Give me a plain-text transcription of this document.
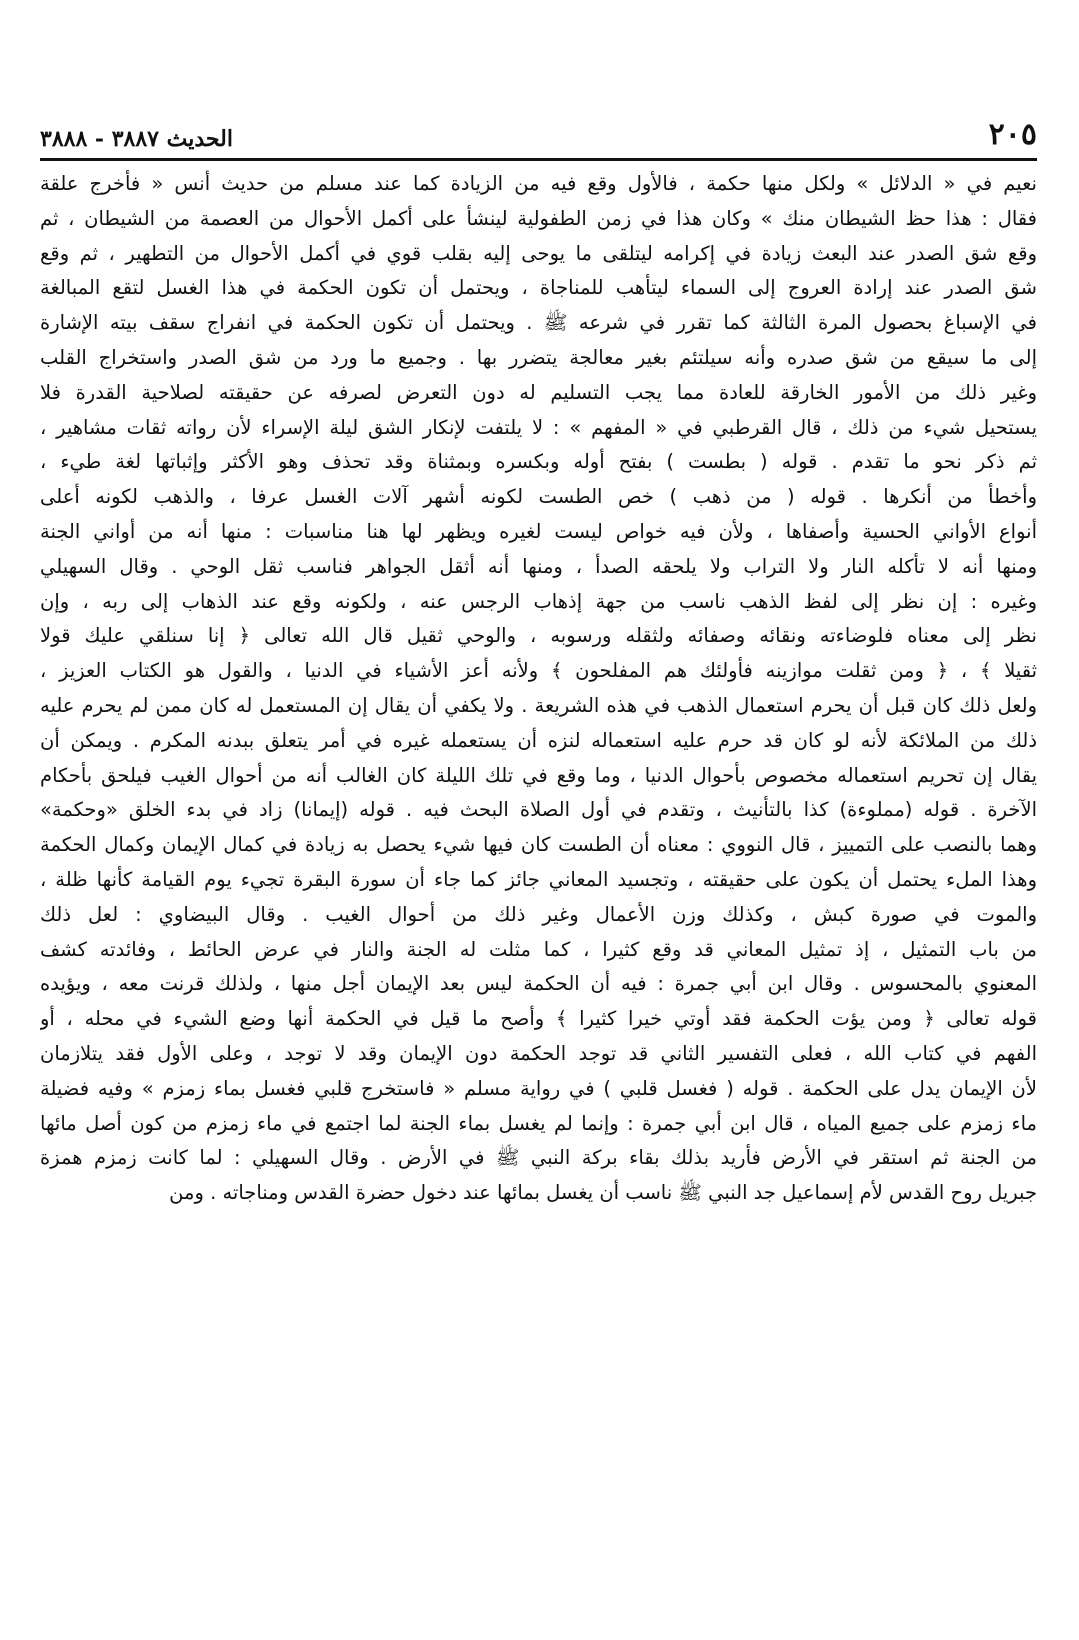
٢٠٥
الحديث ٣٨٨٧ - ٣٨٨٨
نعيم في « الدلائل » ولكل منها حكمة ، فالأول وقع فيه من الزيادة كما عند مسلم من حديث أنس « فأخرج علقة
فقال : هذا حظ الشيطان منك » وكان هذا في زمن الطفولية لينشأ على أكمل الأحوال من العصمة من الشيطان ، ثم
وقع شق الصدر عند البعث زيادة في إكرامه ليتلقى ما يوحى إليه بقلب قوي في أكمل الأحوال من التطهير ، ثم وقع
شق الصدر عند إرادة العروج إلى السماء ليتأهب للمناجاة ، ويحتمل أن تكون الحكمة في هذا الغسل لتقع المبالغة
في الإسباغ بحصول المرة الثالثة كما تقرر في شرعه ﷺ . ويحتمل أن تكون الحكمة في انفراج سقف بيته الإشارة
إلى ما سيقع من شق صدره وأنه سيلتئم بغير معالجة يتضرر بها . وجميع ما ورد من شق الصدر واستخراج القلب
وغير ذلك من الأمور الخارقة للعادة مما يجب التسليم له دون التعرض لصرفه عن حقيقته لصلاحية القدرة فلا
يستحيل شيء من ذلك ، قال القرطبي في « المفهم » : لا يلتفت لإنكار الشق ليلة الإسراء لأن رواته ثقات مشاهير ،
ثم ذكر نحو ما تقدم . قوله ( بطست ) بفتح أوله وبكسره وبمثناة وقد تحذف وهو الأكثر وإثباتها لغة طيء ،
وأخطأ من أنكرها . قوله ( من ذهب ) خص الطست لكونه أشهر آلات الغسل عرفا ، والذهب لكونه أعلى
أنواع الأواني الحسية وأصفاها ، ولأن فيه خواص ليست لغيره ويظهر لها هنا مناسبات : منها أنه من أواني الجنة
ومنها أنه لا تأكله النار ولا التراب ولا يلحقه الصدأ ، ومنها أنه أثقل الجواهر فناسب ثقل الوحي . وقال السهيلي
وغيره : إن نظر إلى لفظ الذهب ناسب من جهة إذهاب الرجس عنه ، ولكونه وقع عند الذهاب إلى ربه ، وإن
نظر إلى معناه فلوضاءته ونقائه وصفائه ولثقله ورسوبه ، والوحي ثقيل قال الله تعالى ﴿ إنا سنلقي عليك قولا
ثقيلا ﴾ ، ﴿ ومن ثقلت موازينه فأولئك هم المفلحون ﴾ ولأنه أعز الأشياء في الدنيا ، والقول هو الكتاب العزيز ،
ولعل ذلك كان قبل أن يحرم استعمال الذهب في هذه الشريعة . ولا يكفي أن يقال إن المستعمل له كان ممن لم يحرم عليه
ذلك من الملائكة لأنه لو كان قد حرم عليه استعماله لنزه أن يستعمله غيره في أمر يتعلق ببدنه المكرم . ويمكن أن
يقال إن تحريم استعماله مخصوص بأحوال الدنيا ، وما وقع في تلك الليلة كان الغالب أنه من أحوال الغيب فيلحق بأحكام
الآخرة . قوله (مملوءة) كذا بالتأنيث ، وتقدم في أول الصلاة البحث فيه . قوله (إيمانا) زاد في بدء الخلق «وحكمة»
وهما بالنصب على التمييز ، قال النووي : معناه أن الطست كان فيها شيء يحصل به زيادة في كمال الإيمان وكمال الحكمة
وهذا الملء يحتمل أن يكون على حقيقته ، وتجسيد المعاني جائز كما جاء أن سورة البقرة تجيء يوم القيامة كأنها ظلة ،
والموت في صورة كبش ، وكذلك وزن الأعمال وغير ذلك من أحوال الغيب . وقال البيضاوي : لعل ذلك
من باب التمثيل ، إذ تمثيل المعاني قد وقع كثيرا ، كما مثلت له الجنة والنار في عرض الحائط ، وفائدته كشف
المعنوي بالمحسوس . وقال ابن أبي جمرة : فيه أن الحكمة ليس بعد الإيمان أجل منها ، ولذلك قرنت معه ، ويؤيده
قوله تعالى ﴿ ومن يؤت الحكمة فقد أوتي خيرا كثيرا ﴾ وأصح ما قيل في الحكمة أنها وضع الشيء في محله ، أو
الفهم في كتاب الله ، فعلى التفسير الثاني قد توجد الحكمة دون الإيمان وقد لا توجد ، وعلى الأول فقد يتلازمان
لأن الإيمان يدل على الحكمة . قوله ( فغسل قلبي ) في رواية مسلم « فاستخرج قلبي فغسل بماء زمزم » وفيه فضيلة
ماء زمزم على جميع المياه ، قال ابن أبي جمرة : وإنما لم يغسل بماء الجنة لما اجتمع في ماء زمزم من كون أصل مائها
من الجنة ثم استقر في الأرض فأريد بذلك بقاء بركة النبي ﷺ في الأرض . وقال السهيلي : لما كانت زمزم همزة
جبريل روح القدس لأم إسماعيل جد النبي ﷺ ناسب أن يغسل بمائها عند دخول حضرة القدس ومناجاته . ومن
